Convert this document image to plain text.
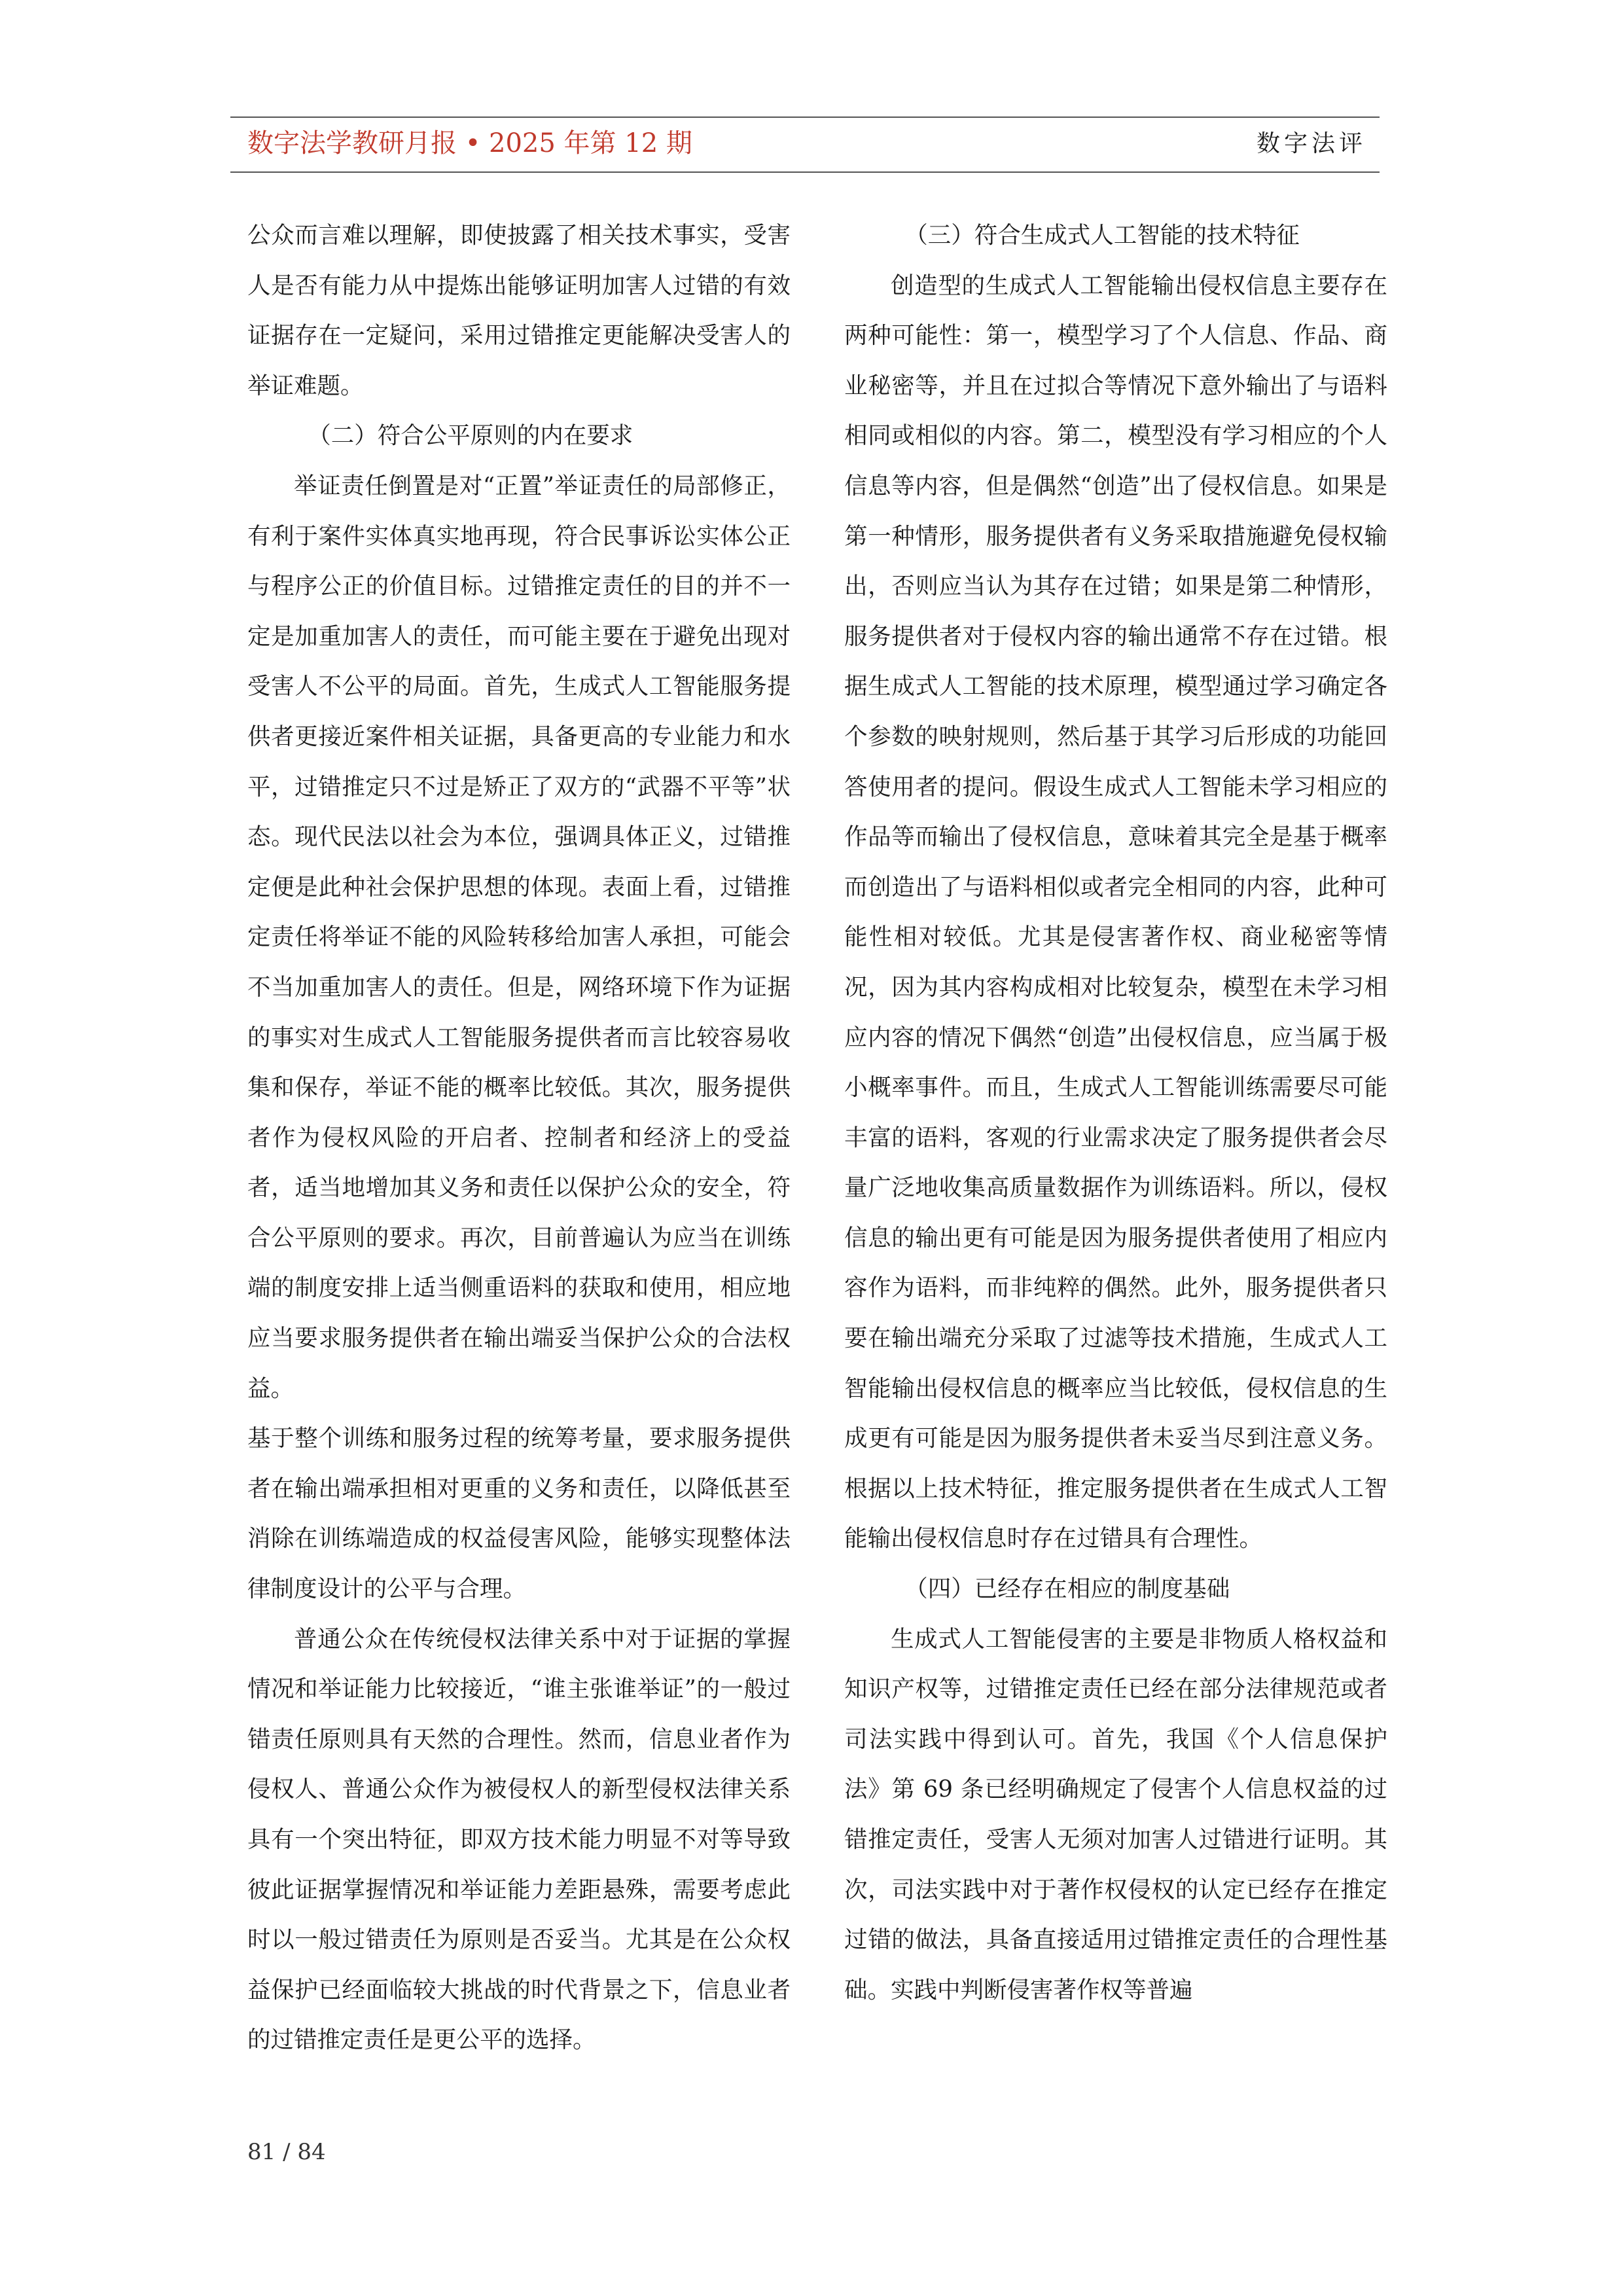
数字法学教研月报 • 2025 年第 12 期	数字法评

公众而言难以理解，即使披露了相关技术事实，受害人是否有能力从中提炼出能够证明加害人过错的有效证据存在一定疑问，采用过错推定更能解决受害人的举证难题。

（二）符合公平原则的内在要求

举证责任倒置是对“正置”举证责任的局部修正，有利于案件实体真实地再现，符合民事诉讼实体公正与程序公正的价值目标。过错推定责任的目的并不一定是加重加害人的责任，而可能主要在于避免出现对受害人不公平的局面。首先，生成式人工智能服务提供者更接近案件相关证据，具备更高的专业能力和水平，过错推定只不过是矫正了双方的“武器不平等”状态。现代民法以社会为本位，强调具体正义，过错推定便是此种社会保护思想的体现。表面上看，过错推定责任将举证不能的风险转移给加害人承担，可能会不当加重加害人的责任。但是，网络环境下作为证据的事实对生成式人工智能服务提供者而言比较容易收集和保存，举证不能的概率比较低。其次，服务提供者作为侵权风险的开启者、控制者和经济上的受益者，适当地增加其义务和责任以保护公众的安全，符合公平原则的要求。再次，目前普遍认为应当在训练端的制度安排上适当侧重语料的获取和使用，相应地应当要求服务提供者在输出端妥当保护公众的合法权益。

基于整个训练和服务过程的统筹考量，要求服务提供者在输出端承担相对更重的义务和责任，以降低甚至消除在训练端造成的权益侵害风险，能够实现整体法律制度设计的公平与合理。

普通公众在传统侵权法律关系中对于证据的掌握情况和举证能力比较接近，“谁主张谁举证”的一般过错责任原则具有天然的合理性。然而，信息业者作为侵权人、普通公众作为被侵权人的新型侵权法律关系具有一个突出特征，即双方技术能力明显不对等导致彼此证据掌握情况和举证能力差距悬殊，需要考虑此时以一般过错责任为原则是否妥当。尤其是在公众权益保护已经面临较大挑战的时代背景之下，信息业者的过错推定责任是更公平的选择。

（三）符合生成式人工智能的技术特征

创造型的生成式人工智能输出侵权信息主要存在两种可能性：第一，模型学习了个人信息、作品、商业秘密等，并且在过拟合等情况下意外输出了与语料相同或相似的内容。第二，模型没有学习相应的个人信息等内容，但是偶然“创造”出了侵权信息。如果是第一种情形，服务提供者有义务采取措施避免侵权输出，否则应当认为其存在过错；如果是第二种情形，服务提供者对于侵权内容的输出通常不存在过错。根据生成式人工智能的技术原理，模型通过学习确定各个参数的映射规则，然后基于其学习后形成的功能回答使用者的提问。假设生成式人工智能未学习相应的作品等而输出了侵权信息，意味着其完全是基于概率而创造出了与语料相似或者完全相同的内容，此种可能性相对较低。尤其是侵害著作权、商业秘密等情况，因为其内容构成相对比较复杂，模型在未学习相应内容的情况下偶然“创造”出侵权信息，应当属于极小概率事件。而且，生成式人工智能训练需要尽可能丰富的语料，客观的行业需求决定了服务提供者会尽量广泛地收集高质量数据作为训练语料。所以，侵权信息的输出更有可能是因为服务提供者使用了相应内容作为语料，而非纯粹的偶然。此外，服务提供者只要在输出端充分采取了过滤等技术措施，生成式人工智能输出侵权信息的概率应当比较低，侵权信息的生成更有可能是因为服务提供者未妥当尽到注意义务。根据以上技术特征，推定服务提供者在生成式人工智能输出侵权信息时存在过错具有合理性。

（四）已经存在相应的制度基础

生成式人工智能侵害的主要是非物质人格权益和知识产权等，过错推定责任已经在部分法律规范或者司法实践中得到认可。首先，我国《个人信息保护法》第 69 条已经明确规定了侵害个人信息权益的过错推定责任，受害人无须对加害人过错进行证明。其次，司法实践中对于著作权侵权的认定已经存在推定过错的做法，具备直接适用过错推定责任的合理性基础。实践中判断侵害著作权等普遍

81 / 84
